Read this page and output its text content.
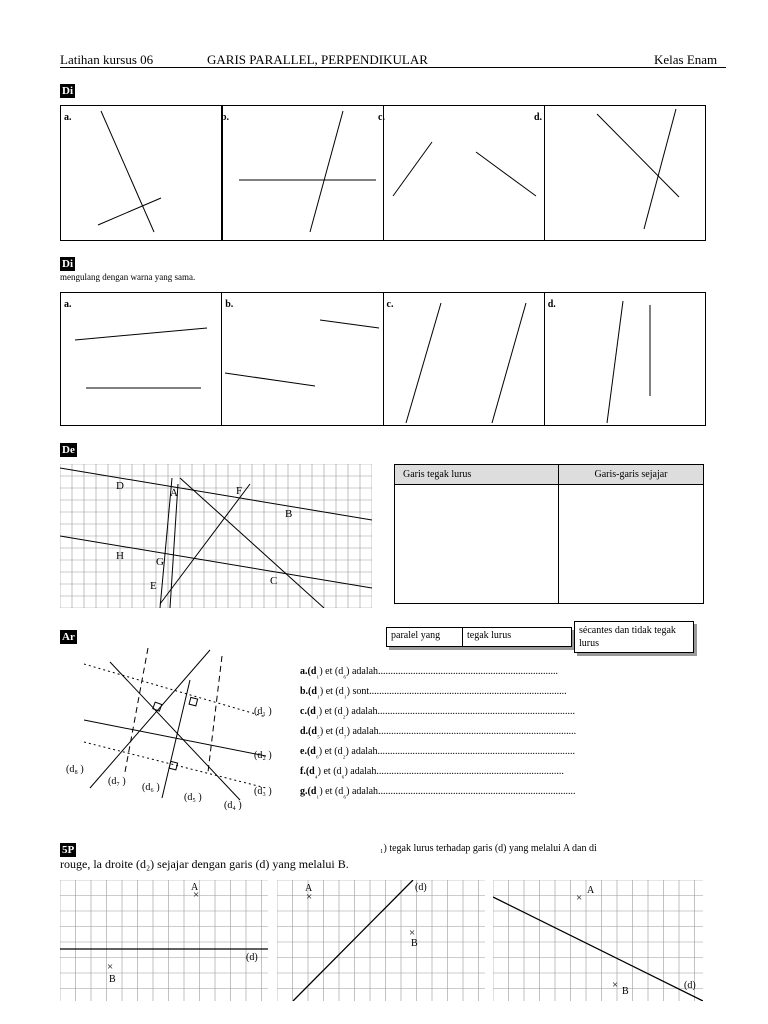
Latihan kursus 06	GARIS PARALLEL, PERPENDIKULAR	Kelas Enam
Di
a.	b.	c.	d.
Di
mengulang dengan warna yang sama.
a.	b.	c.	d.
De
D
A	F
B
H	G
C
E
Garis tegak lurus	Garis-garis sejajar

Ar
(d₁ )
(d₂ )
(d₃ )
(d₄ )
(d₅ )
(d₆ )
(d₇ )
(d₈ )
paralel yang	tegak lurus	sécantes dan tidak tegak lurus
$a.(d_{_1})$ et $(d_{_6})$ adalah........................................................................
$b.(d_{_1})$ et $(d_{_1})$ sont...............................................................................
$c.(d_{_1})$ et $(d_{_2})$ adalah...............................................................................
$d.(d_{_5})$ et $(d_{_7})$ adalah...............................................................................
$e.(d_{_6})$ et $(d_{_2})$ adalah...............................................................................
$f.(d_{_4})$ et $(d_{_6})$ adalah...........................................................................
$g.(d_{_1})$ et $(d_{_6})$ adalah...............................................................................
5P	₁) tegak lurus terhadap garis (d) yang melalui A dan di
rouge, la droite (d₂) sejajar dengan garis (d) yang melalui B.
(d)
×
A
×
B
(d)
×
A
×
B
(d)
×
A
×
B
